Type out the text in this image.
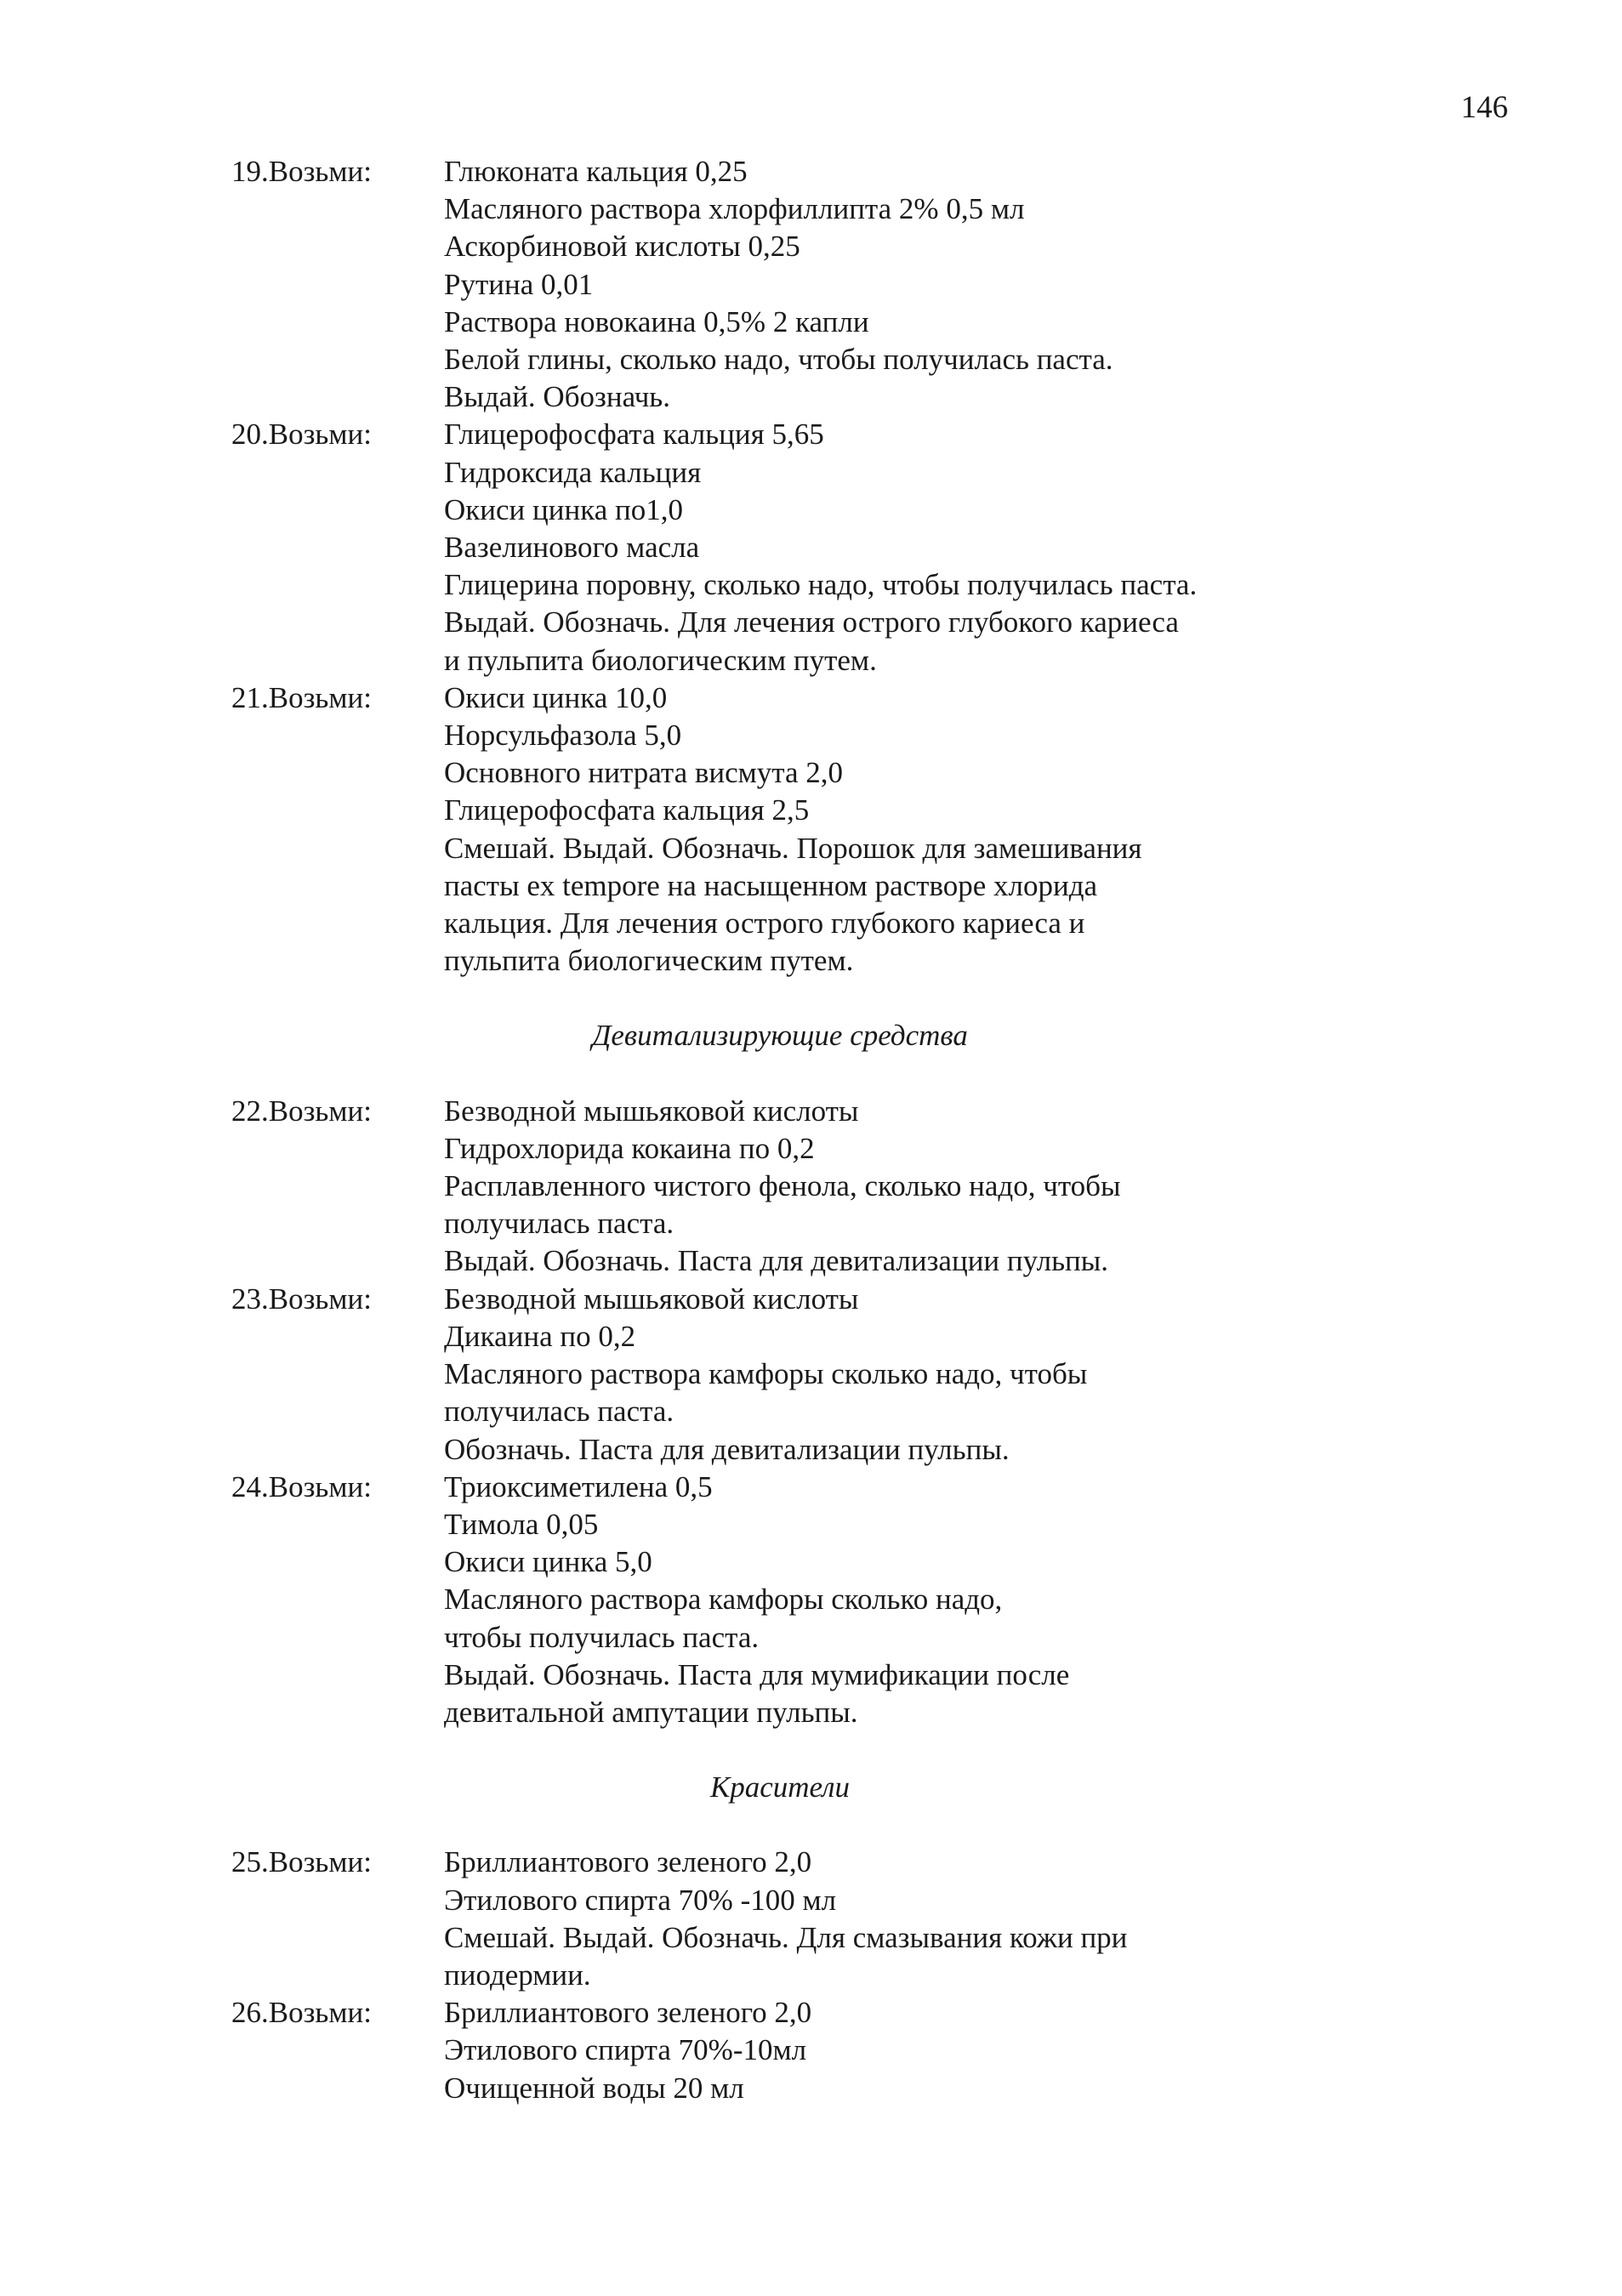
146
19.Возьми:	Глюконата кальция 0,25
Масляного раствора хлорфиллипта 2% 0,5 мл
Аскорбиновой кислоты 0,25
Рутина 0,01
Раствора новокаина 0,5% 2 капли
Белой глины, сколько надо, чтобы получилась паста.
Выдай. Обозначь.
20.Возьми:	Глицерофосфата кальция 5,65
Гидроксида кальция
Окиси цинка по1,0
Вазелинового масла
Глицерина поровну, сколько надо, чтобы получилась паста.
Выдай. Обозначь. Для лечения острого глубокого кариеса
и пульпита биологическим путем.
21.Возьми:	Окиси цинка 10,0
Норсульфазола 5,0
Основного нитрата висмута 2,0
Глицерофосфата кальция 2,5
Смешай. Выдай. Обозначь. Порошок для замешивания
пасты ex tempore на насыщенном растворе хлорида
кальция. Для лечения острого глубокого кариеса и
пульпита биологическим путем.
Девитализирующие средства
22.Возьми:	Безводной мышьяковой кислоты
Гидрохлорида кокаина по 0,2
Расплавленного чистого фенола, сколько надо, чтобы
получилась паста.
Выдай. Обозначь. Паста для девитализации пульпы.
23.Возьми:	Безводной мышьяковой кислоты
Дикаина по 0,2
Масляного раствора камфоры сколько надо, чтобы
получилась паста.
Обозначь. Паста для девитализации пульпы.
24.Возьми:	Триоксиметилена 0,5
Тимола 0,05
Окиси цинка 5,0
Масляного раствора камфоры сколько надо,
чтобы получилась паста.
Выдай. Обозначь. Паста для мумификации после
девитальной ампутации пульпы.
Красители
25.Возьми:	Бриллиантового зеленого 2,0
Этилового спирта 70% -100 мл
Смешай. Выдай. Обозначь. Для смазывания кожи при
пиодермии.
26.Возьми:	Бриллиантового зеленого 2,0
Этилового спирта 70%-10мл
Очищенной воды 20 мл
